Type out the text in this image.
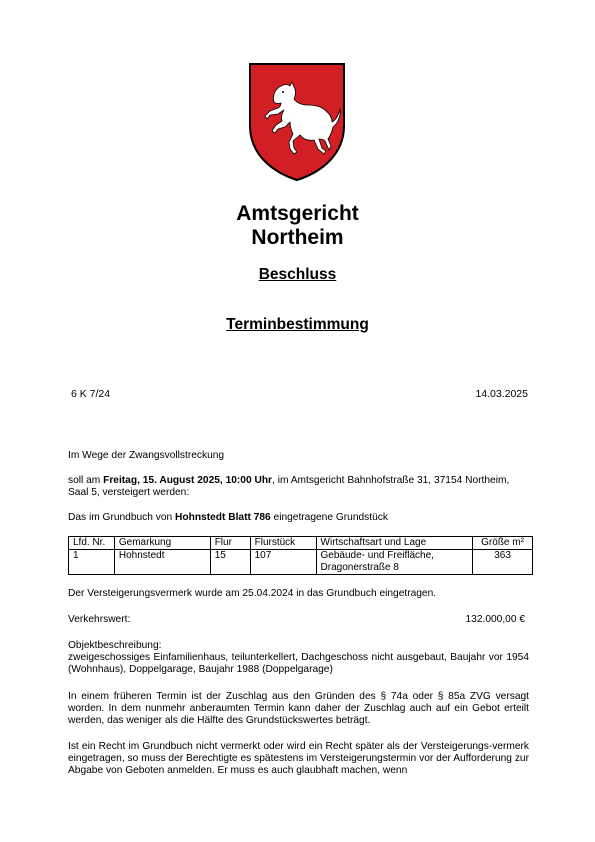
Amtsgericht
Northeim
Beschluss
Terminbestimmung
6 K 7/24	14.03.2025
Im Wege der Zwangsvollstreckung
soll am Freitag, 15. August 2025, 10:00 Uhr, im Amtsgericht Bahnhofstraße 31, 37154 Northeim, Saal 5, versteigert werden:
Das im Grundbuch von Hohnstedt Blatt 786 eingetragene Grundstück
Lfd. Nr.	Gemarkung	Flur	Flurstück	Wirtschaftsart und Lage	Größe m²
1	Hohnstedt	15	107	Gebäude- und Freifläche, Dragonerstraße 8	363
Der Versteigerungsvermerk wurde am 25.04.2024 in das Grundbuch eingetragen.
Verkehrswert:	132.000,00 €
Objektbeschreibung:
zweigeschossiges Einfamilienhaus, teilunterkellert, Dachgeschoss nicht ausgebaut, Baujahr vor 1954 (Wohnhaus), Doppelgarage, Baujahr 1988 (Doppelgarage)
In einem früheren Termin ist der Zuschlag aus den Gründen des § 74a oder § 85a ZVG versagt worden. In dem nunmehr anberaumten Termin kann daher der Zuschlag auch auf ein Gebot erteilt werden, das weniger als die Hälfte des Grundstückswertes beträgt.
Ist ein Recht im Grundbuch nicht vermerkt oder wird ein Recht später als der Versteigerungs-vermerk eingetragen, so muss der Berechtigte es spätestens im Versteigerungstermin vor der Aufforderung zur Abgabe von Geboten anmelden. Er muss es auch glaubhaft machen, wenn
